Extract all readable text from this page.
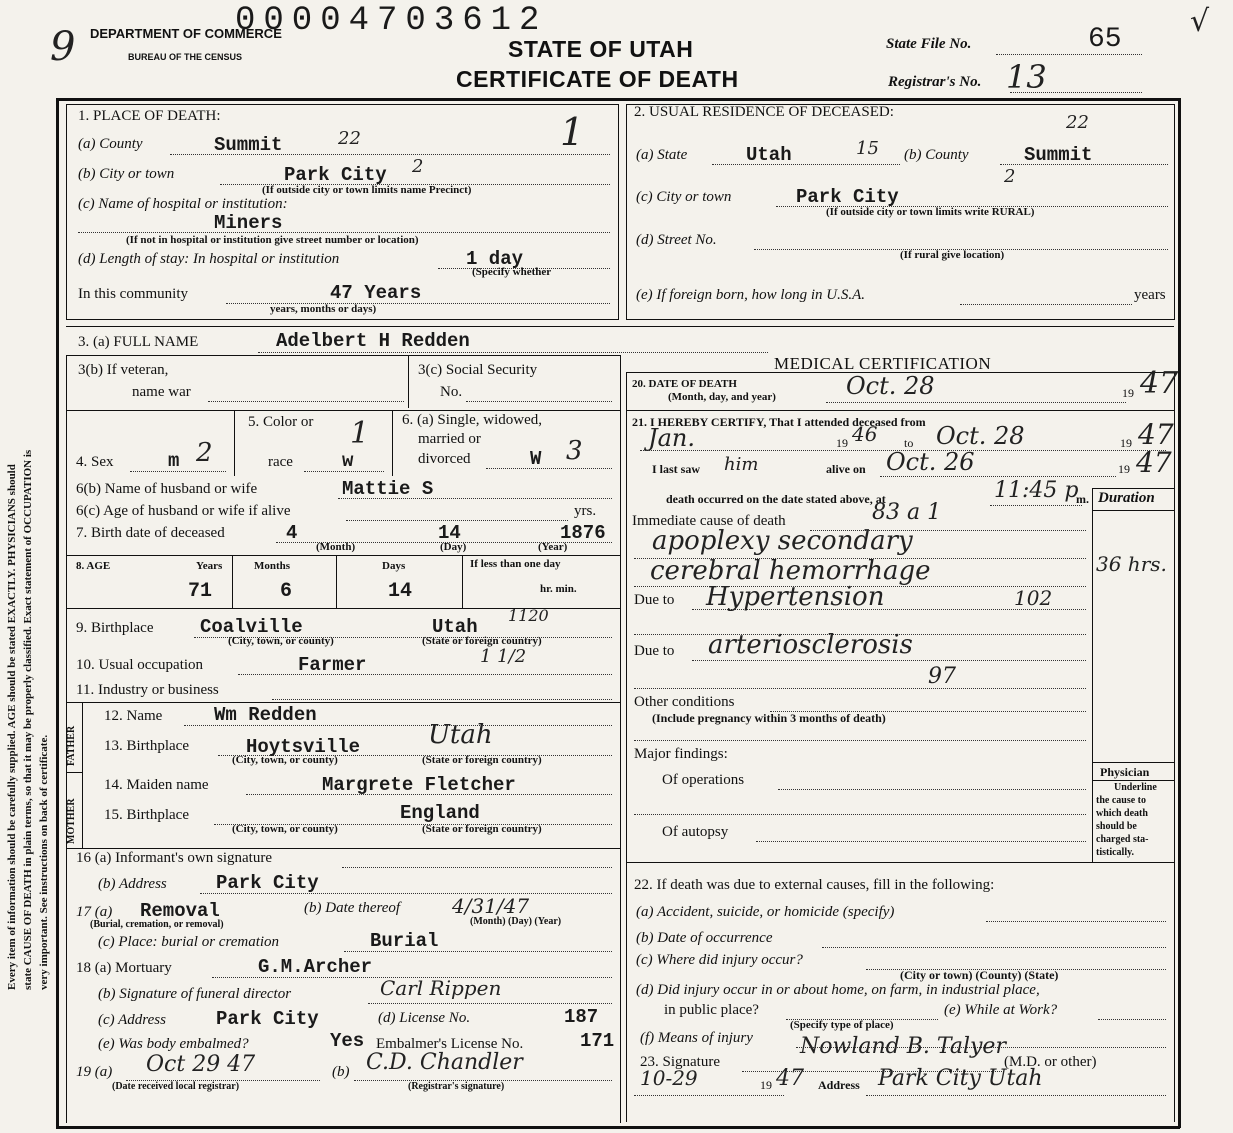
Every item of information should be carefully supplied. AGE should be stated EXACTLY. PHYSICIANS should state CAUSE OF DEATH in plain terms, so that it may be properly classified. Exact statement of OCCUPATION is very important. See instructions on back of certificate.
9 DEPARTMENT OF COMMERCE
BUREAU OF THE CENSUS
00004703612
STATE OF UTAH
CERTIFICATE OF DEATH
State File No.	65
Registrar's No. 13
√
1. PLACE OF DEATH:
(a) County	Summit	22	1
(b) City or town	Park City 2
(If outside city or town limits name Precinct)
(c) Name of hospital or institution:
Miners
(If not in hospital or institution give street number or location)
(d) Length of stay: In hospital or institution	1 day
(Specify whether
In this community	47 Years
years, months or days)
2. USUAL RESIDENCE OF DECEASED:
(a) State	Utah	15 (b) County	Summit
22
(c) City or town	Park City
2
(If outside city or town limits write RURAL)
(d) Street No.
(If rural give location)
(e) If foreign born, how long in U.S.A.	years
3. (a) FULL NAME	Adelbert H Redden
3(b) If veteran,
name war
3(c) Social Security
No.
4. Sex	m 2
5. Color or
race	w
1 6. (a) Single, widowed,
married or
divorced	W 3
6(b) Name of husband or wife	Mattie S
6(c) Age of husband or wife if alive	yrs.
7. Birth date of deceased	4	14	1876
(Month)	(Day)	(Year)
8. AGE	Years	Months	Days	If less than one day
hr. min.
71	6	14
9. Birthplace Coalville	Utah
1120
(City, town, or county)	(State or foreign country)
10. Usual occupation	Farmer	1 1/2
11. Industry or business
FATHER
MOTHER
12. Name	Wm Redden
13. Birthplace	Hoytsville	Utah
(City, town, or county)	(State or foreign country)
14. Maiden name	Margrete Fletcher
15. Birthplace	England
(City, town, or county)	(State or foreign country)
16 (a) Informant's own signature
(b) Address	Park City
17 (a) Removal
(Burial, cremation, or removal)
(b) Date thereof	4/31/47
(Month) (Day) (Year)
(c) Place: burial or cremation	Burial
18 (a) Mortuary	G.M.Archer
(b) Signature of funeral director	Carl Rippen
(c) Address	Park City	(d) License No.	187
(e) Was body embalmed?	Yes Embalmer's License No.	171
19 (a) Oct 29 47
(Date received local registrar)
(b) C.D. Chandler
(Registrar's signature)
MEDICAL CERTIFICATION
20. DATE OF DEATH
(Month, day, and year)	Oct. 28	19 47
21. I HEREBY CERTIFY, That I attended deceased from
Jan.	19 46 to Oct. 28	19 47
I last saw him	alive on Oct. 26	19 47
death occurred on the date stated above, at	11:45 p
m. Duration
Physician
Underline
the cause to
which death
should be
charged sta-
tistically.
Immediate cause of death	83 a 1
apoplexy secondary
cerebral hemorrhage	36 hrs.
Due to Hypertension	102
Due to arteriosclerosis
97
Other conditions
(Include pregnancy within 3 months of death)
Major findings:
Of operations
Of autopsy
22. If death was due to external causes, fill in the following:
(a) Accident, suicide, or homicide (specify)
(b) Date of occurrence
(c) Where did injury occur?
(City or town) (County) (State)
(d) Did injury occur in or about home, on farm, in industrial place,
in public place?
(Specify type of place)
(e) While at Work?
(f) Means of injury
23. Signature
Nowland B. Talyer
(M.D. or other)
10-29	19 47 Address Park City Utah
